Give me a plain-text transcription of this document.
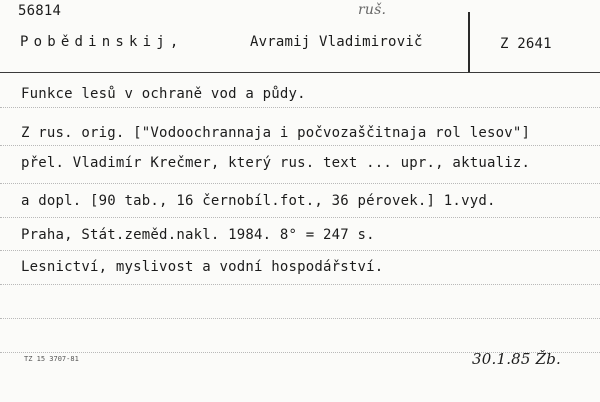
56814	ruš.
Pobědinskij,	Avramij Vladimirovič	Z 2641
Funkce lesů v ochraně vod a půdy.
Z rus. orig. ["Vodoochrannaja i počvozaščitnaja rol lesov"]
přel. Vladimír Krečmer, který rus. text ... upr., aktualiz.
a dopl. [90 tab., 16 černobíl.fot., 36 pérovek.] 1.vyd.
Praha, Stát.zeměd.nakl. 1984. 8° = 247 s.
Lesnictví, myslivost a vodní hospodářství.
TZ 15 3707-81	30.1.85 Žb.
